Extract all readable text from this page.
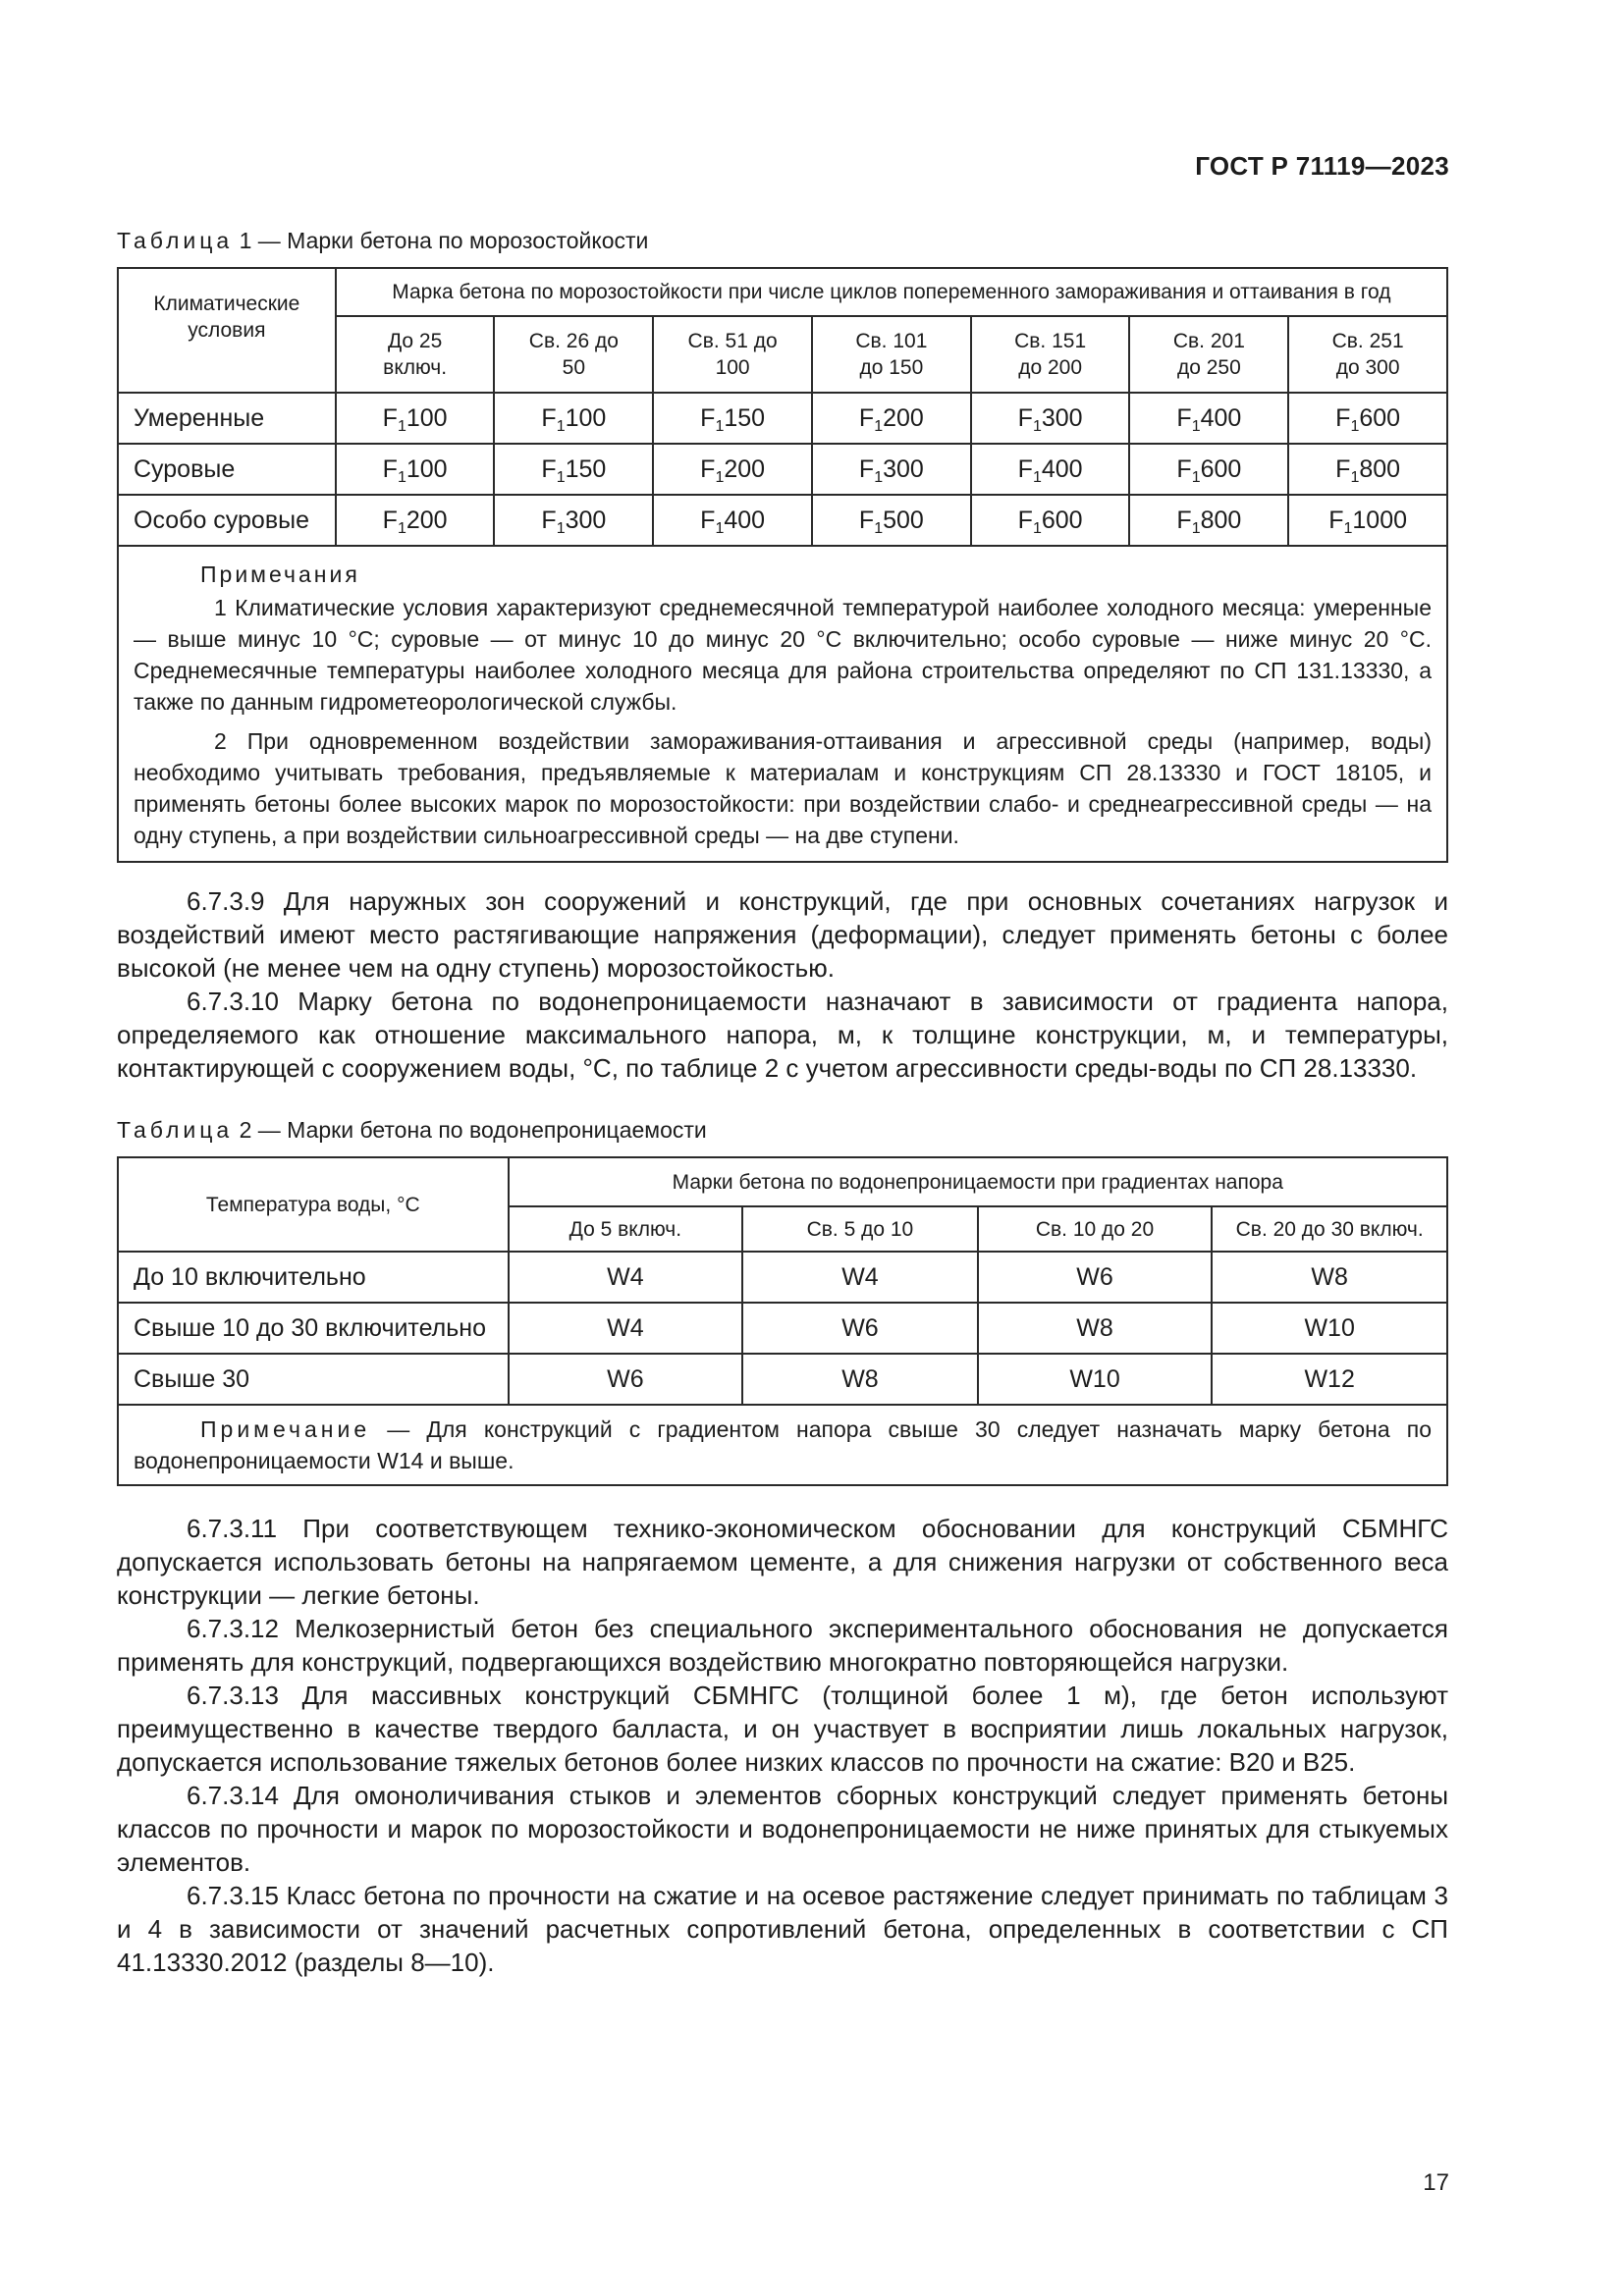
ГОСТ Р 71119—2023
Таблица 1 — Марки бетона по морозостойкости
Климатические условия	Марка бетона по морозостойкости при числе циклов попеременного замораживания и оттаивания в год						

	До 25 включ.	Св. 26 до 50	Св. 51 до 100	Св. 101 до 150	Св. 151 до 200	Св. 201 до 250	Св. 251 до 300

Умеренные	$F_1100$	$F_1100$	$F_1150$	$F_1200$	$F_1300$	$F_1400$	$F_1600$
Суровые	$F_1100$	$F_1150$	$F_1200$	$F_1300$	$F_1400$	$F_1600$	$F_1800$
Особо суровые	$F_1200$	$F_1300$	$F_1400$	$F_1500$	$F_1600$	$F_1800$	$F_11000$

Примечания
1 Климатические условия характеризуют среднемесячной температурой наиболее холодного месяца: умеренные — выше минус 10 °С; суровые — от минус 10 до минус 20 °С включительно; особо суровые — ниже минус 20 °С. Среднемесячные температуры наиболее холодного месяца для района строительства определяют по СП 131.13330, а также по данным гидрометеорологической службы.
2 При одновременном воздействии замораживания-оттаивания и агрессивной среды (например, воды) необходимо учитывать требования, предъявляемые к материалам и конструкциям СП 28.13330 и ГОСТ 18105, и применять бетоны более высоких марок по морозостойкости: при воздействии слабо- и среднеагрессивной среды — на одну ступень, а при воздействии сильноагрессивной среды — на две ступени.							

6.7.3.9 Для наружных зон сооружений и конструкций, где при основных сочетаниях нагрузок и воздействий имеют место растягивающие напряжения (деформации), следует применять бетоны с более высокой (не менее чем на одну ступень) морозостойкостью.

6.7.3.10 Марку бетона по водонепроницаемости назначают в зависимости от градиента напора, определяемого как отношение максимального напора, м, к толщине конструкции, м, и температуры, контактирующей с сооружением воды, °С, по таблице 2 с учетом агрессивности среды-воды по СП 28.13330.

Таблица 2 — Марки бетона по водонепроницаемости
Температура воды, °С	Марки бетона по водонепроницаемости при градиентах напора			
	До 5 включ.	Св. 5 до 10	Св. 10 до 20	Св. 20 до 30 включ.
До 10 включительно	W4	W4	W6	W8
Свыше 10 до 30 включительно	W4	W6	W8	W10
Свыше 30	W6	W8	W10	W12
Примечание — Для конструкций с градиентом напора свыше 30 следует назначать марку бетона по водонепроницаемости W14 и выше.				

6.7.3.11 При соответствующем технико-экономическом обосновании для конструкций СБМНГС допускается использовать бетоны на напрягаемом цементе, а для снижения нагрузки от собственного веса конструкции — легкие бетоны.

6.7.3.12 Мелкозернистый бетон без специального экспериментального обоснования не допускается применять для конструкций, подвергающихся воздействию многократно повторяющейся нагрузки.

6.7.3.13 Для массивных конструкций СБМНГС (толщиной более 1 м), где бетон используют преимущественно в качестве твердого балласта, и он участвует в восприятии лишь локальных нагрузок, допускается использование тяжелых бетонов более низких классов по прочности на сжатие: В20 и В25.

6.7.3.14 Для омоноличивания стыков и элементов сборных конструкций следует применять бетоны классов по прочности и марок по морозостойкости и водонепроницаемости не ниже принятых для стыкуемых элементов.

6.7.3.15 Класс бетона по прочности на сжатие и на осевое растяжение следует принимать по таблицам 3 и 4 в зависимости от значений расчетных сопротивлений бетона, определенных в соответствии с СП 41.13330.2012 (разделы 8—10).

17
